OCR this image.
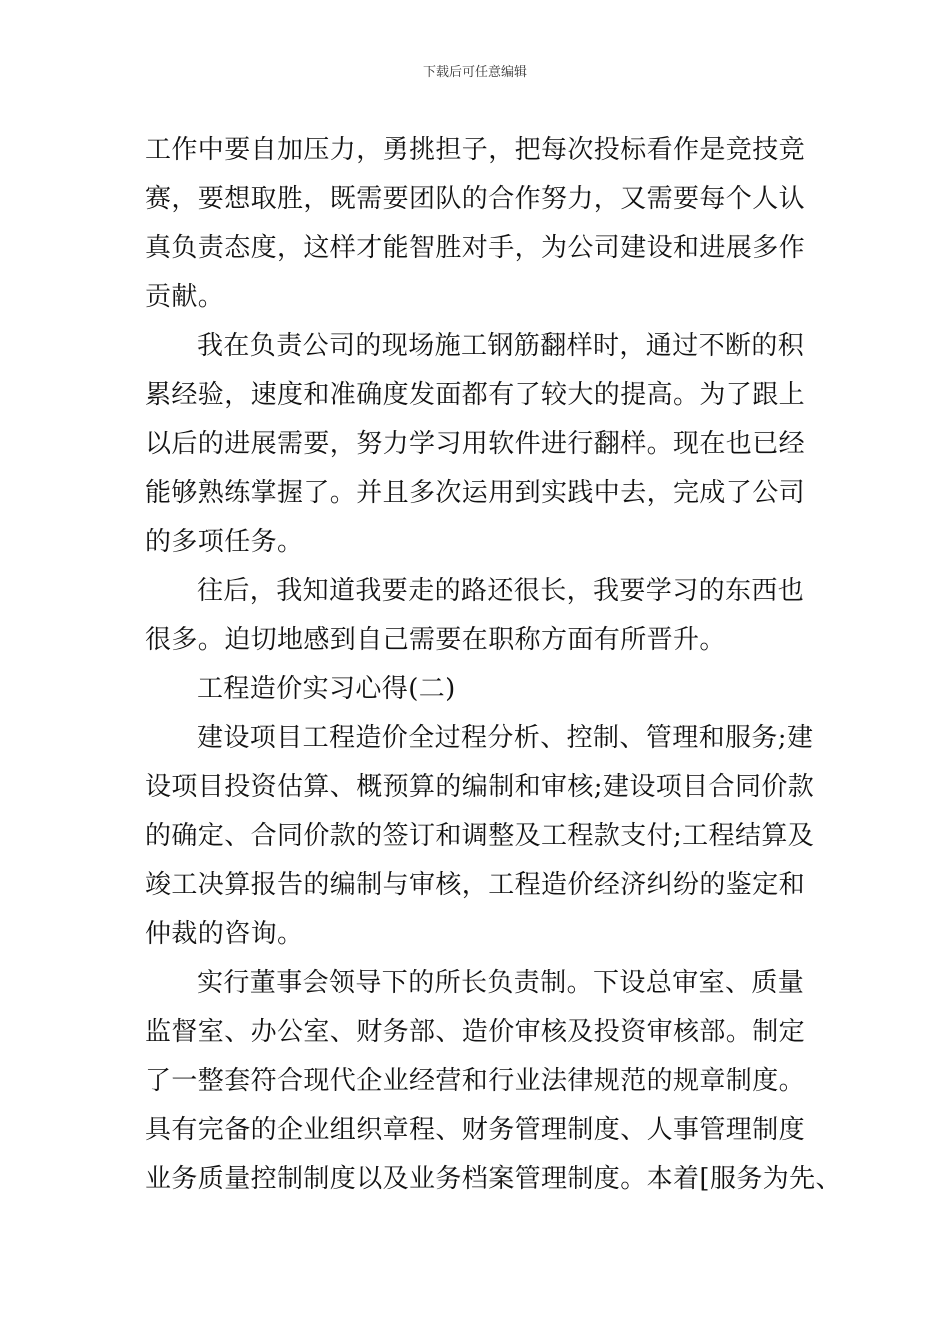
下载后可任意编辑
工作中要自加压力，勇挑担子，把每次投标看作是竞技竞
赛，要想取胜，既需要团队的合作努力，又需要每个人认
真负责态度，这样才能智胜对手，为公司建设和进展多作
贡献。
我在负责公司的现场施工钢筋翻样时，通过不断的积
累经验，速度和准确度发面都有了较大的提高。为了跟上
以后的进展需要，努力学习用软件进行翻样。现在也已经
能够熟练掌握了。并且多次运用到实践中去，完成了公司
的多项任务。
往后，我知道我要走的路还很长，我要学习的东西也
很多。迫切地感到自己需要在职称方面有所晋升。
工程造价实习心得(二)
建设项目工程造价全过程分析、控制、管理和服务;建
设项目投资估算、概预算的编制和审核;建设项目合同价款
的确定、合同价款的签订和调整及工程款支付;工程结算及
竣工决算报告的编制与审核，工程造价经济纠纷的鉴定和
仲裁的咨询。
实行董事会领导下的所长负责制。下设总审室、质量
监督室、办公室、财务部、造价审核及投资审核部。制定
了一整套符合现代企业经营和行业法律规范的规章制度。
具有完备的企业组织章程、财务管理制度、人事管理制度
业务质量控制制度以及业务档案管理制度。本着[服务为先、
